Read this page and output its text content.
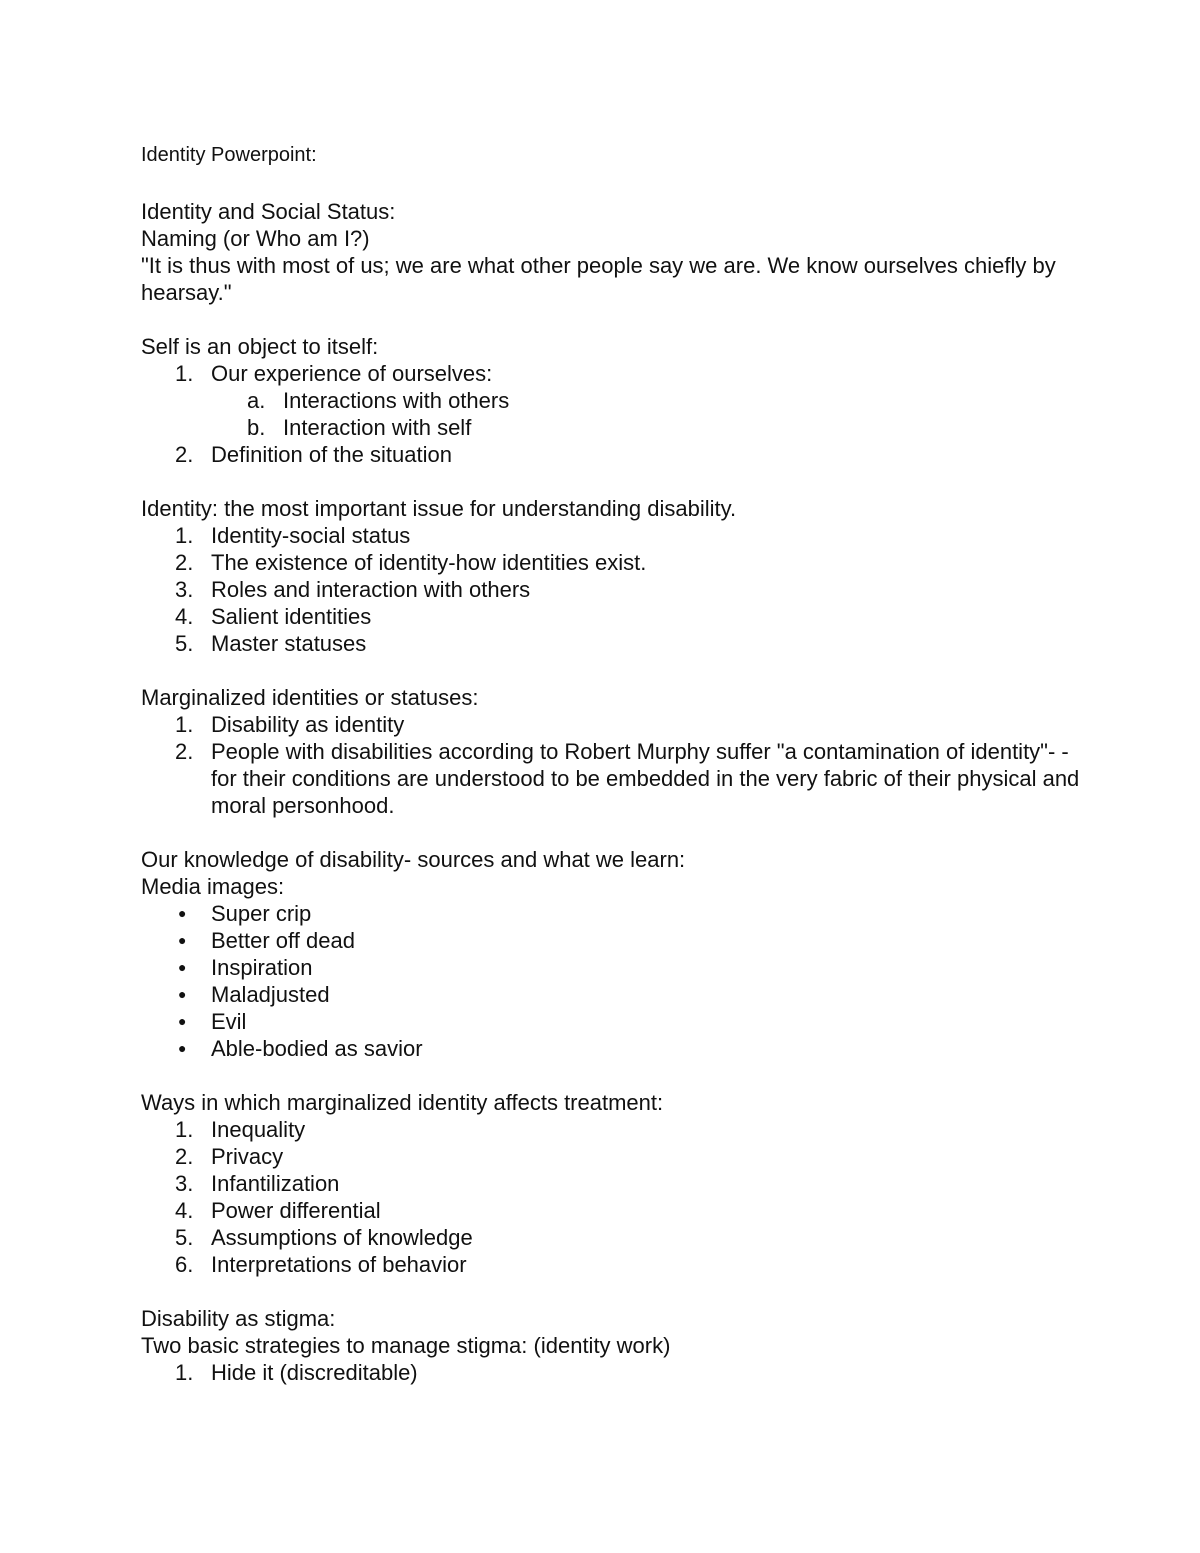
Identity Powerpoint:

Identity and Social Status:

Naming (or Who am I?)

"It is thus with most of us; we are what other people say we are. We know ourselves chiefly by hearsay."

Self is an object to itself:

1. Our experience of ourselves:
a. Interactions with others
b. Interaction with self
2. Definition of the situation

Identity: the most important issue for understanding disability.

1. Identity-social status
2. The existence of identity-how identities exist.
3. Roles and interaction with others
4. Salient identities
5. Master statuses

Marginalized identities or statuses:

1. Disability as identity
2. People with disabilities according to Robert Murphy suffer "a contamination of identity"- - for their conditions are understood to be embedded in the very fabric of their physical and moral personhood.

Our knowledge of disability- sources and what we learn:

Media images:

●	Super crip
●	Better off dead
●	Inspiration
●	Maladjusted
●	Evil
●	Able-bodied as savior

Ways in which marginalized identity affects treatment:

1. Inequality
2. Privacy
3. Infantilization
4. Power differential
5. Assumptions of knowledge
6. Interpretations of behavior

Disability as stigma:

Two basic strategies to manage stigma: (identity work)

1. Hide it (discreditable)
